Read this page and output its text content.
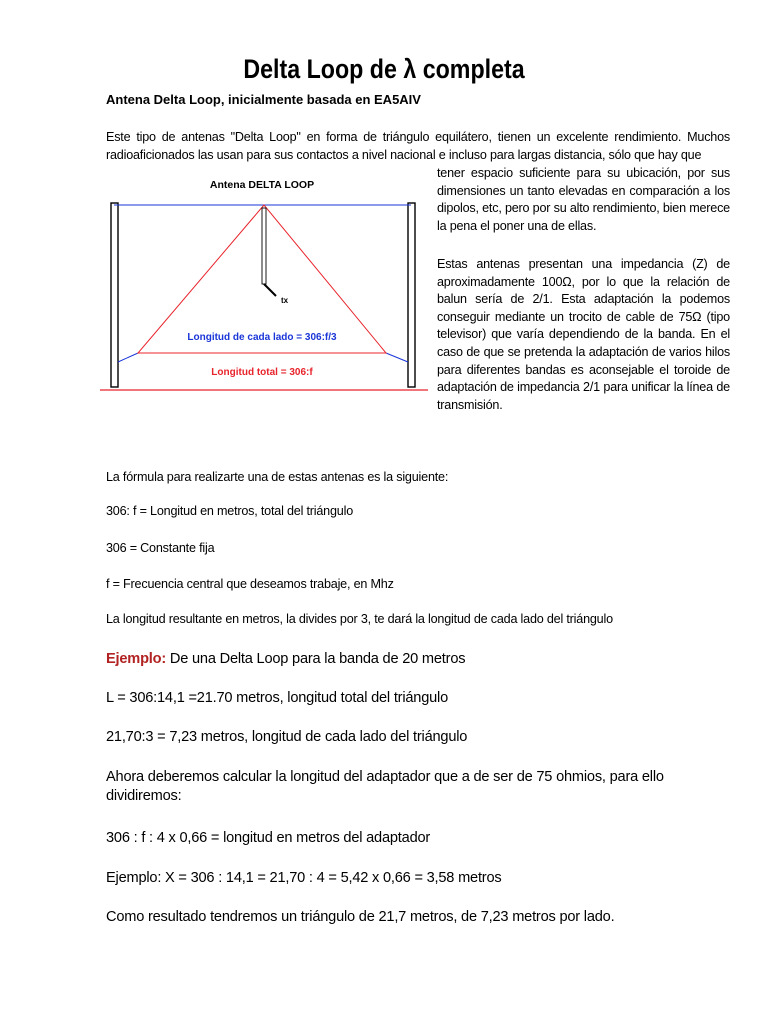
Delta Loop de λ completa

Antena Delta Loop, inicialmente basada en EA5AIV

Este tipo de antenas "Delta Loop" en forma de triángulo equilátero, tienen un excelente rendimiento. Muchos radioaficionados las usan para sus contactos a nivel nacional e incluso para largas distancia, sólo que hay que

Antena DELTA LOOP
tx
Longitud de cada lado = 306:f/3
Longitud total = 306:f

tener espacio suficiente para su ubicación, por sus dimensiones un tanto elevadas en comparación a los dipolos, etc, pero por su alto rendimiento, bien merece la pena el poner una de ellas.

Estas antenas presentan una impedancia (Z) de aproximadamente 100Ω, por lo que la relación de balun sería de 2/1. Esta adaptación la podemos conseguir mediante un trocito de cable de 75Ω (tipo televisor) que varía dependiendo de la banda. En el caso de que se pretenda la adaptación de varios hilos para diferentes bandas es aconsejable el toroide de adaptación de impedancia 2/1 para unificar la línea de transmisión.

La fórmula para realizarte una de estas antenas es la siguiente:

306: f = Longitud en metros, total del triángulo

306 = Constante fija

f = Frecuencia central que deseamos trabaje, en Mhz

La longitud resultante en metros, la divides por 3, te dará la longitud de cada lado del triángulo

Ejemplo: De una Delta Loop para la banda de 20 metros

L = 306:14,1 =21.70 metros, longitud total del triángulo

21,70:3 = 7,23 metros, longitud de cada lado del triángulo

Ahora deberemos calcular la longitud del adaptador que a de ser de 75 ohmios, para ello dividiremos:

306 : f : 4 x 0,66 = longitud en metros del adaptador

Ejemplo: X = 306 : 14,1 = 21,70 : 4 = 5,42 x 0,66 = 3,58 metros

Como resultado tendremos un triángulo de 21,7 metros, de 7,23 metros por lado.
